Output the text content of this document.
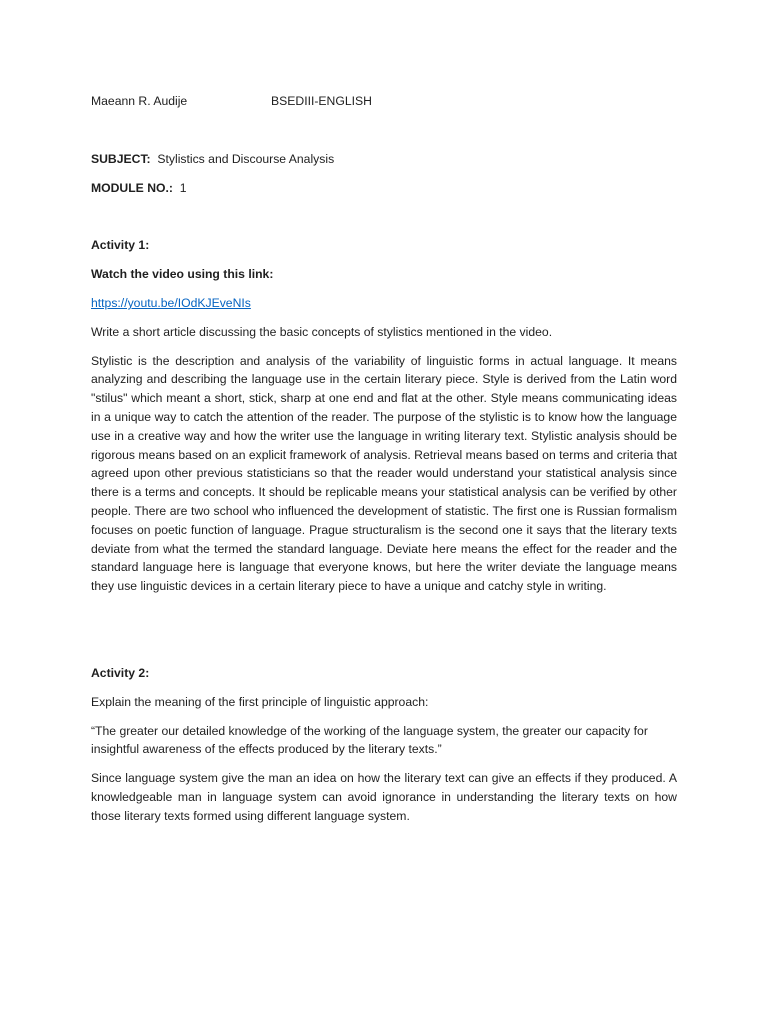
Maeann R. Audije	BSEDIII-ENGLISH

SUBJECT: Stylistics and Discourse Analysis

MODULE NO.: 1

Activity 1:

Watch the video using this link:

https://youtu.be/IOdKJEveNIs

Write a short article discussing the basic concepts of stylistics mentioned in the video.

Stylistic is the description and analysis of the variability of linguistic forms in actual language. It means analyzing and describing the language use in the certain literary piece. Style is derived from the Latin word "stilus" which meant a short, stick, sharp at one end and flat at the other. Style means communicating ideas in a unique way to catch the attention of the reader. The purpose of the stylistic is to know how the language use in a creative way and how the writer use the language in writing literary text. Stylistic analysis should be rigorous means based on an explicit framework of analysis. Retrieval means based on terms and criteria that agreed upon other previous statisticians so that the reader would understand your statistical analysis since there is a terms and concepts. It should be replicable means your statistical analysis can be verified by other people. There are two school who influenced the development of statistic. The first one is Russian formalism focuses on poetic function of language. Prague structuralism is the second one it says that the literary texts deviate from what the termed the standard language. Deviate here means the effect for the reader and the standard language here is language that everyone knows, but here the writer deviate the language means they use linguistic devices in a certain literary piece to have a unique and catchy style in writing.

Activity 2:

Explain the meaning of the first principle of linguistic approach:

“The greater our detailed knowledge of the working of the language system, the greater our capacity for insightful awareness of the effects produced by the literary texts.”

Since language system give the man an idea on how the literary text can give an effects if they produced. A knowledgeable man in language system can avoid ignorance in understanding the literary texts on how those literary texts formed using different language system.
